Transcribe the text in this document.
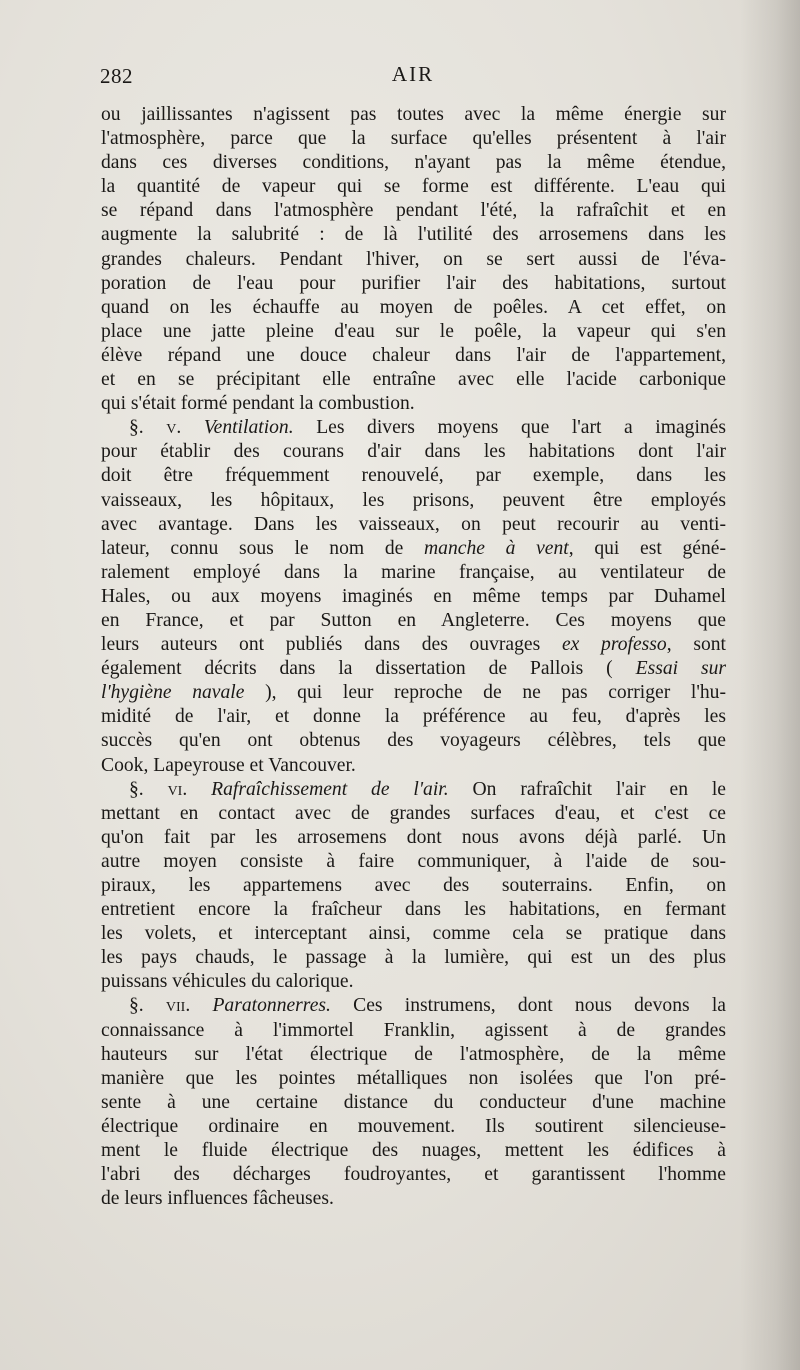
282	AIR
ou jaillissantes n'agissent pas toutes avec la même énergie sur
l'atmosphère, parce que la surface qu'elles présentent à l'air
dans ces diverses conditions, n'ayant pas la même étendue,
la quantité de vapeur qui se forme est différente. L'eau qui
se répand dans l'atmosphère pendant l'été, la rafraîchit et en
augmente la salubrité : de là l'utilité des arrosemens dans les
grandes chaleurs. Pendant l'hiver, on se sert aussi de l'éva-
poration de l'eau pour purifier l'air des habitations, surtout
quand on les échauffe au moyen de poêles. A cet effet, on
place une jatte pleine d'eau sur le poêle, la vapeur qui s'en
élève répand une douce chaleur dans l'air de l'appartement,
et en se précipitant elle entraîne avec elle l'acide carbonique
qui s'était formé pendant la combustion.
§. v. Ventilation. Les divers moyens que l'art a imaginés
pour établir des courans d'air dans les habitations dont l'air
doit être fréquemment renouvelé, par exemple, dans les
vaisseaux, les hôpitaux, les prisons, peuvent être employés
avec avantage. Dans les vaisseaux, on peut recourir au venti-
lateur, connu sous le nom de manche à vent, qui est géné-
ralement employé dans la marine française, au ventilateur de
Hales, ou aux moyens imaginés en même temps par Duhamel
en France, et par Sutton en Angleterre. Ces moyens que
leurs auteurs ont publiés dans des ouvrages ex professo, sont
également décrits dans la dissertation de Pallois ( Essai sur
l'hygiène navale ), qui leur reproche de ne pas corriger l'hu-
midité de l'air, et donne la préférence au feu, d'après les
succès qu'en ont obtenus des voyageurs célèbres, tels que
Cook, Lapeyrouse et Vancouver.
§. vi. Rafraîchissement de l'air. On rafraîchit l'air en le
mettant en contact avec de grandes surfaces d'eau, et c'est ce
qu'on fait par les arrosemens dont nous avons déjà parlé. Un
autre moyen consiste à faire communiquer, à l'aide de sou-
piraux, les appartemens avec des souterrains. Enfin, on
entretient encore la fraîcheur dans les habitations, en fermant
les volets, et interceptant ainsi, comme cela se pratique dans
les pays chauds, le passage à la lumière, qui est un des plus
puissans véhicules du calorique.
§. vii. Paratonnerres. Ces instrumens, dont nous devons la
connaissance à l'immortel Franklin, agissent à de grandes
hauteurs sur l'état électrique de l'atmosphère, de la même
manière que les pointes métalliques non isolées que l'on pré-
sente à une certaine distance du conducteur d'une machine
électrique ordinaire en mouvement. Ils soutirent silencieuse-
ment le fluide électrique des nuages, mettent les édifices à
l'abri des décharges foudroyantes, et garantissent l'homme
de leurs influences fâcheuses.
